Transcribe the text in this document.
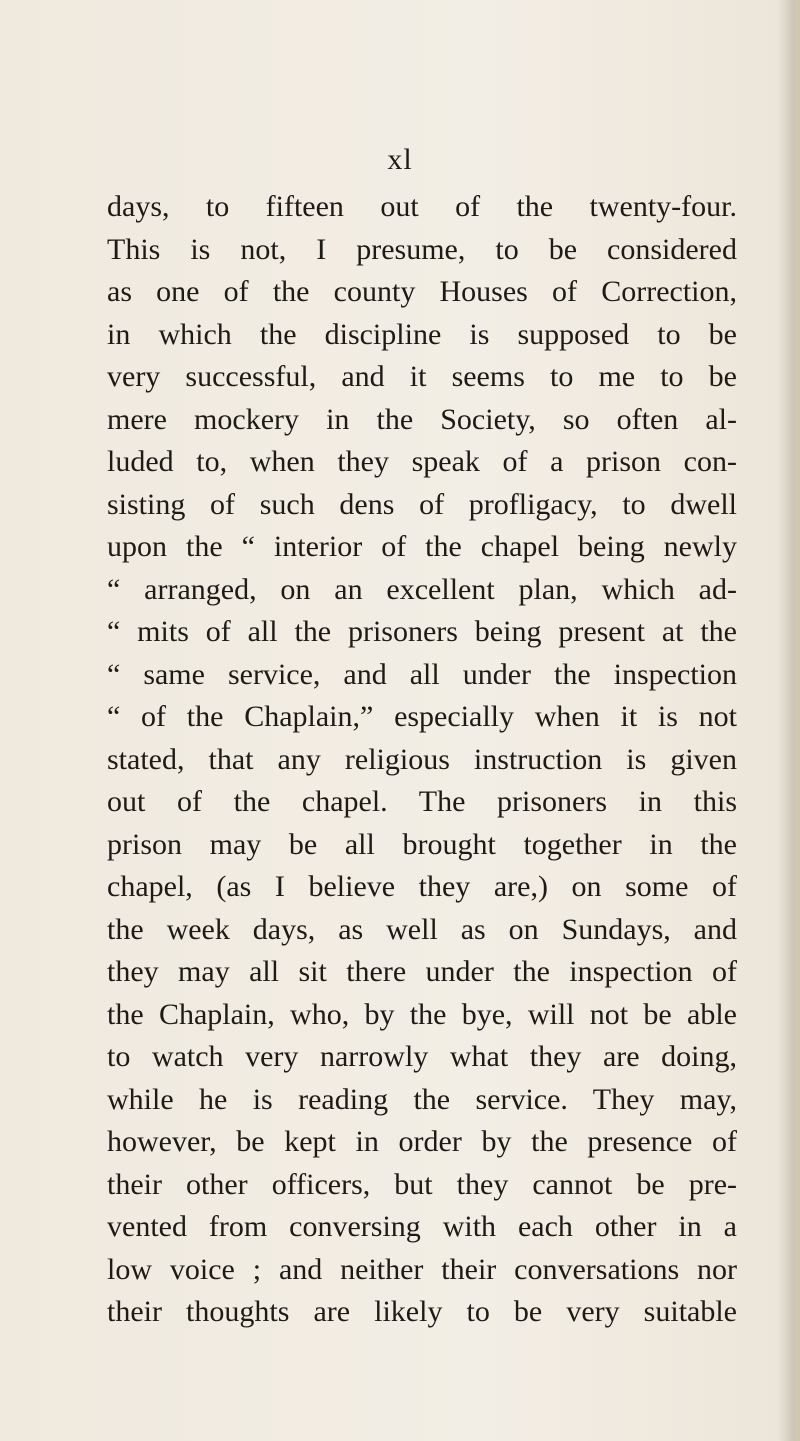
xl
days, to fifteen out of the twenty-four.
This is not, I presume, to be considered
as one of the county Houses of Correction,
in which the discipline is supposed to be
very successful, and it seems to me to be
mere mockery in the Society, so often al-
luded to, when they speak of a prison con-
sisting of such dens of profligacy, to dwell
upon the “ interior of the chapel being newly
“ arranged, on an excellent plan, which ad-
“ mits of all the prisoners being present at the
“ same service, and all under the inspection
“ of the Chaplain,” especially when it is not
stated, that any religious instruction is given
out of the chapel. The prisoners in this
prison may be all brought together in the
chapel, (as I believe they are,) on some of
the week days, as well as on Sundays, and
they may all sit there under the inspection of
the Chaplain, who, by the bye, will not be able
to watch very narrowly what they are doing,
while he is reading the service. They may,
however, be kept in order by the presence of
their other officers, but they cannot be pre-
vented from conversing with each other in a
low voice ; and neither their conversations nor
their thoughts are likely to be very suitable
